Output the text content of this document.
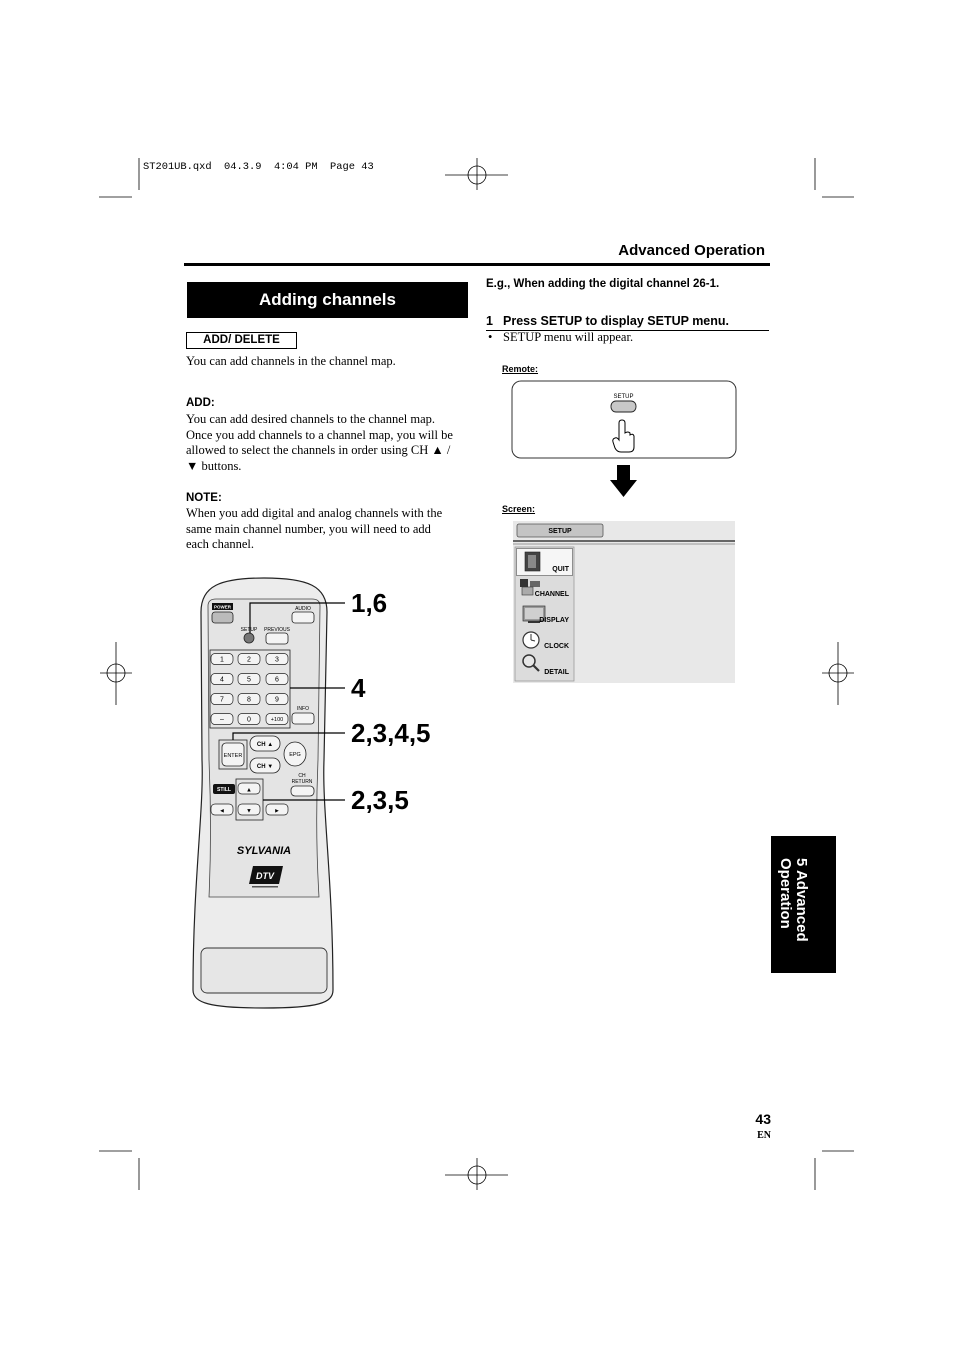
POWER	AUDIO
SETUP PREVIOUS
1	2	3
4	5	6
7	8	9
–	0	+100
INFO
ENTER
CH ▲
CH ▼
EPG
CH
RETURN
STILL	▲
◄	▼	►
SYLVANIA
DTV
SETUP
SETUP
QUIT
CHANNEL
DISPLAY
CLOCK
DETAIL
ST201UB.qxd  04.3.9  4:04 PM  Page 43
Advanced Operation
Adding channels
ADD/ DELETE
You can add channels in the channel map.
ADD:
You can add desired channels to the channel map.
Once you add channels to a channel map, you will be
allowed to select the channels in order using CH ▲ /
▼ buttons.
NOTE:
When you add digital and analog channels with the
same main channel number, you will need to add
each channel.
1,6
4
2,3,4,5
2,3,5
E.g., When adding the digital channel 26-1.
1 Press SETUP to display SETUP menu.
• SETUP menu will appear.
Remote:
Screen:
5 Advanced
Operation
43
EN
